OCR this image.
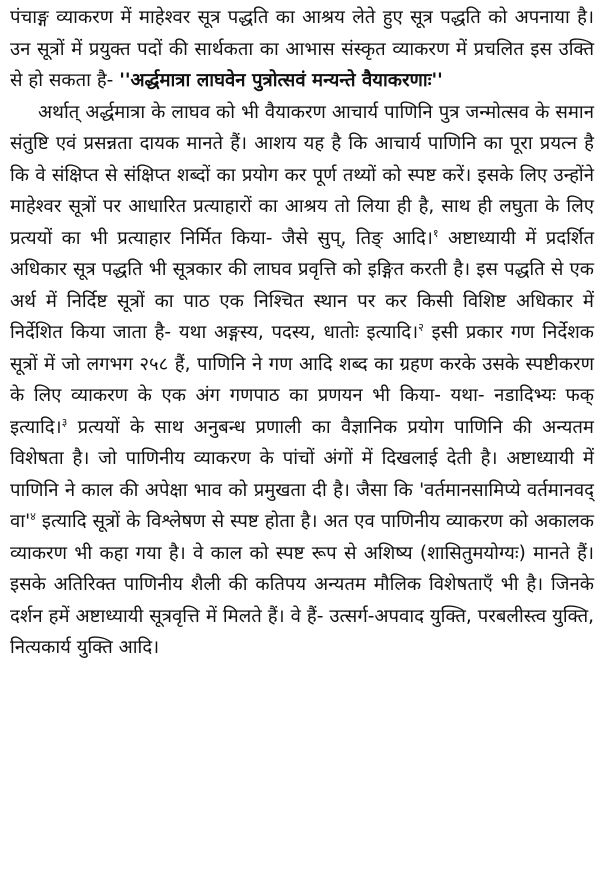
पंचाङ्ग व्याकरण में माहेश्वर सूत्र पद्धति का आश्रय लेते हुए सूत्र पद्धति को अपनाया है। उन सूत्रों में प्रयुक्त पदों की सार्थकता का आभास संस्कृत व्याकरण में प्रचलित इस उक्ति से हो सकता है- ''अर्द्धमात्रा लाघवेन पुत्रोत्सवं मन्यन्ते वैयाकरणाः''

अर्थात् अर्द्धमात्रा के लाघव को भी वैयाकरण आचार्य पाणिनि पुत्र जन्मोत्सव के समान संतुष्टि एवं प्रसन्नता दायक मानते हैं। आशय यह है कि आचार्य पाणिनि का पूरा प्रयत्न है कि वे संक्षिप्त से संक्षिप्त शब्दों का प्रयोग कर पूर्ण तथ्यों को स्पष्ट करें। इसके लिए उन्होंने माहेश्वर सूत्रों पर आधारित प्रत्याहारों का आश्रय तो लिया ही है, साथ ही लघुता के लिए प्रत्ययों का भी प्रत्याहार निर्मित किया- जैसे सुप्, तिङ् आदि।$^१$ अष्टाध्यायी में प्रदर्शित अधिकार सूत्र पद्धति भी सूत्रकार की लाघव प्रवृत्ति को इङ्गित करती है। इस पद्धति से एक अर्थ में निर्दिष्ट सूत्रों का पाठ एक निश्चित स्थान पर कर किसी विशिष्ट अधिकार में निर्देशित किया जाता है- यथा अङ्गस्य, पदस्य, धातोः इत्यादि।$^२$ इसी प्रकार गण निर्देशक सूत्रों में जो लगभग २५८ हैं, पाणिनि ने गण आदि शब्द का ग्रहण करके उसके स्पष्टीकरण के लिए व्याकरण के एक अंग गणपाठ का प्रणयन भी किया- यथा- नडादिभ्यः फक् इत्यादि।$^३$ प्रत्ययों के साथ अनुबन्ध प्रणाली का वैज्ञानिक प्रयोग पाणिनि की अन्यतम विशेषता है। जो पाणिनीय व्याकरण के पांचों अंगों में दिखलाई देती है। अष्टाध्यायी में पाणिनि ने काल की अपेक्षा भाव को प्रमुखता दी है। जैसा कि 'वर्तमानसामिप्ये वर्तमानवद् वा'$^४$ इत्यादि सूत्रों के विश्लेषण से स्पष्ट होता है। अत एव पाणिनीय व्याकरण को अकालक व्याकरण भी कहा गया है। वे काल को स्पष्ट रूप से अशिष्य (शासितुमयोग्यः) मानते हैं। इसके अतिरिक्त पाणिनीय शैली की कतिपय अन्यतम मौलिक विशेषताएँ भी है। जिनके दर्शन हमें अष्टाध्यायी सूत्रवृत्ति में मिलते हैं। वे हैं- उत्सर्ग-अपवाद युक्ति, परबलीस्त्व युक्ति, नित्यकार्य युक्ति आदि।
